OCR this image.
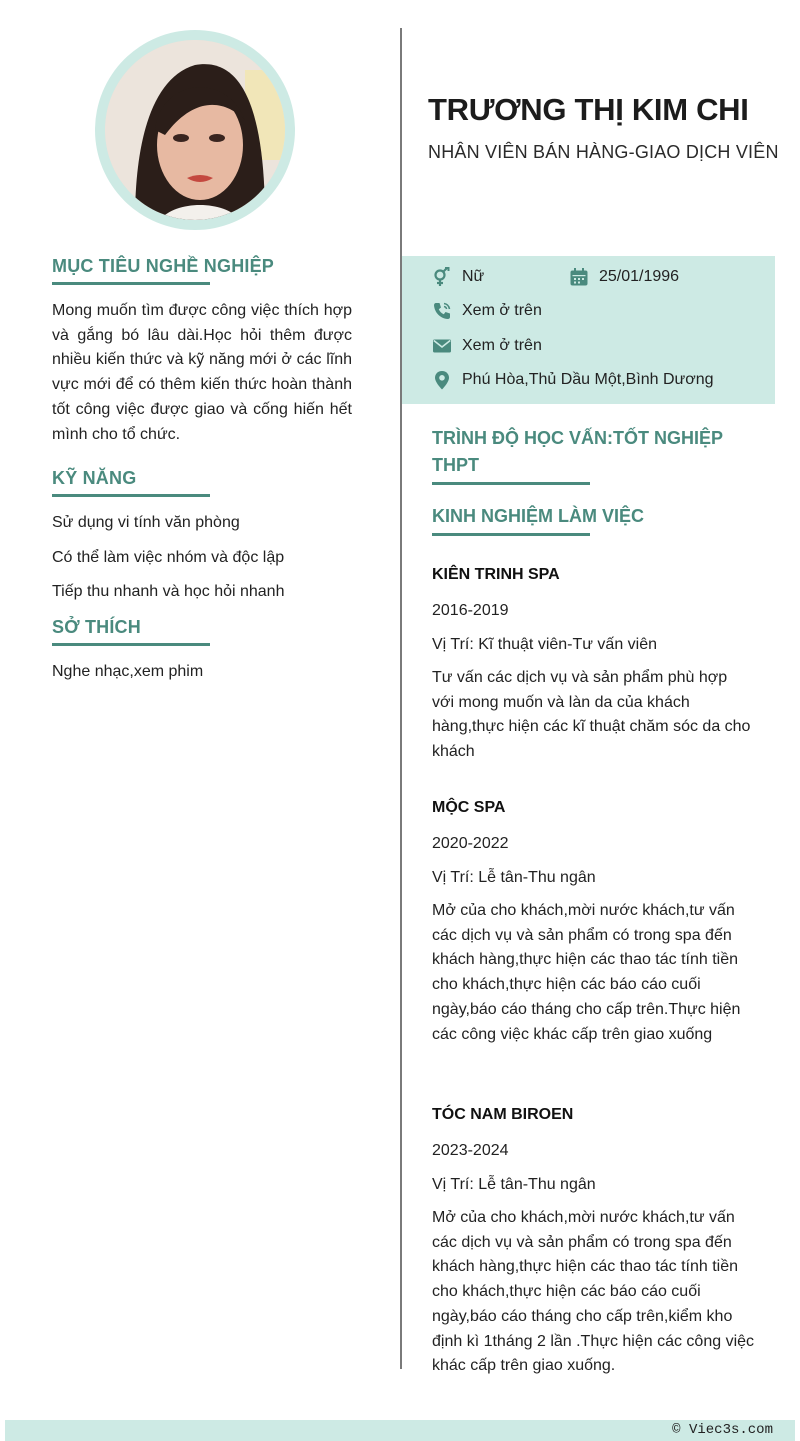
MỤC TIÊU NGHỀ NGHIỆP
Mong muốn tìm được công việc thích hợp và gắng bó lâu dài.Học hỏi thêm được nhiều kiến thức và kỹ năng mới ở các lĩnh vực mới để có thêm kiến thức hoàn thành tốt công việc được giao và cống hiến hết mình cho tổ chức.
KỸ NĂNG
Sử dụng vi tính văn phòng
Có thể làm việc nhóm và độc lập
Tiếp thu nhanh và học hỏi nhanh
SỞ THÍCH
Nghe nhạc,xem phim
TRƯƠNG THỊ KIM CHI
NHÂN VIÊN BÁN HÀNG-GIAO DỊCH VIÊN
Nữ	25/01/1996
Xem ở trên
Xem ở trên
Phú Hòa,Thủ Dầu Một,Bình Dương
TRÌNH ĐỘ HỌC VẤN:TỐT NGHIỆP THPT
KINH NGHIỆM LÀM VIỆC
KIÊN TRINH SPA
2016-2019
Vị Trí: Kĩ thuật viên-Tư vấn viên
Tư vấn các dịch vụ và sản phẩm phù hợp với mong muốn và làn da của khách hàng,thực hiện các kĩ thuật chăm sóc da cho khách
MỘC SPA
2020-2022
Vị Trí: Lễ tân-Thu ngân
Mở của cho khách,mời nước khách,tư vấn các dịch vụ và sản phẩm có trong spa đến khách hàng,thực hiện các thao tác tính tiền cho khách,thực hiện các báo cáo cuối ngày,báo cáo tháng cho cấp trên.Thực hiện các công việc khác cấp trên giao xuống
TÓC NAM BIROEN
2023-2024
Vị Trí: Lễ tân-Thu ngân
Mở của cho khách,mời nước khách,tư vấn các dịch vụ và sản phẩm có trong spa đến khách hàng,thực hiện các thao tác tính tiền cho khách,thực hiện các báo cáo cuối ngày,báo cáo tháng cho cấp trên,kiểm kho định kì 1tháng 2 lần .Thực hiện các công việc khác cấp trên giao xuống.
© Viec3s.com
